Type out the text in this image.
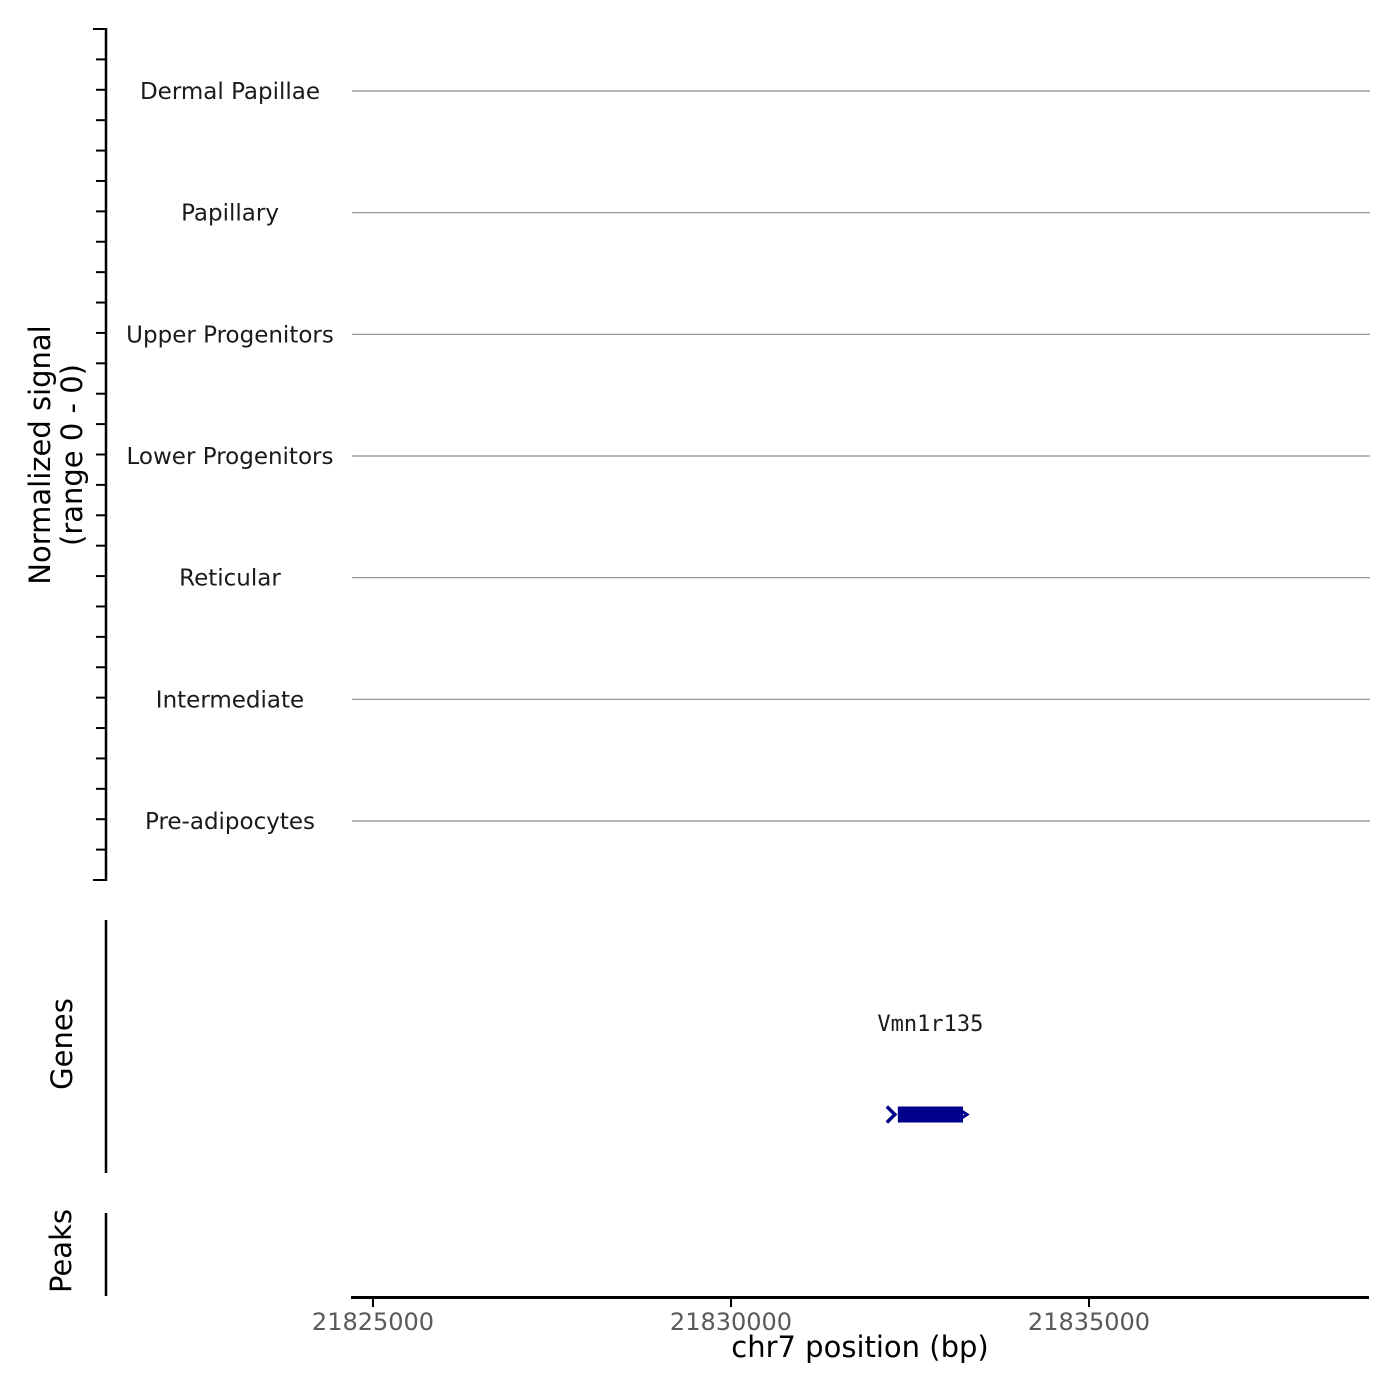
Dermal Papillae
Papillary
Upper Progenitors
Lower Progenitors
Reticular
Intermediate
Pre-adipocytes
Normalized signal
(range 0 - 0)
Genes	Vmn1r135
Peaks
21825000	21830000	21835000
chr7 position (bp)
